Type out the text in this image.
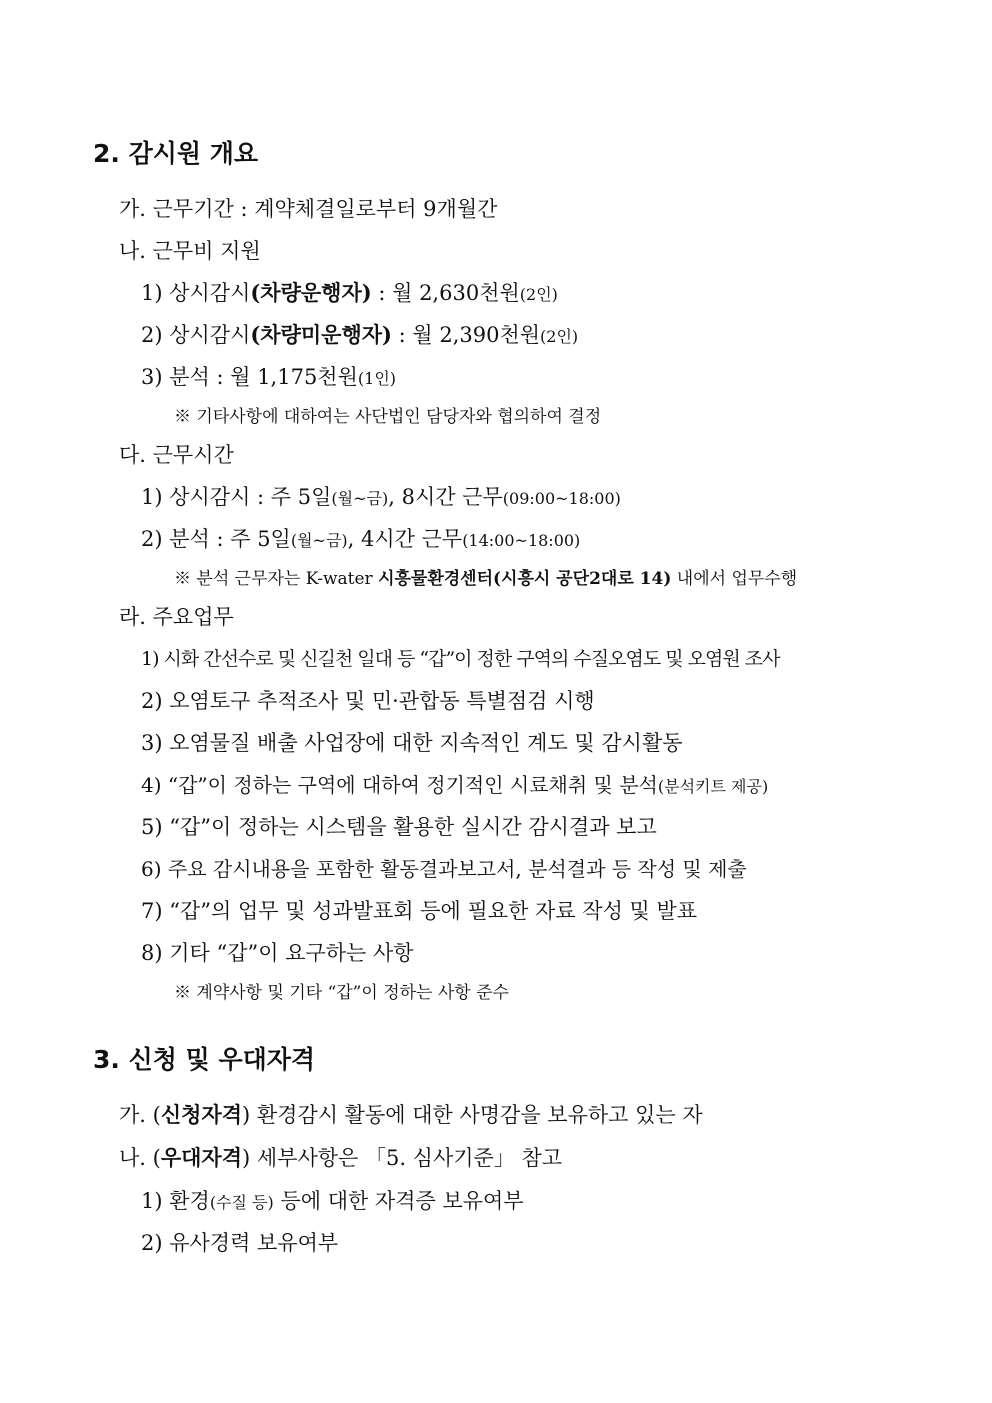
2. 감시원 개요
가. 근무기간 : 계약체결일로부터 9개월간
나. 근무비 지원
1) 상시감시(차량운행자) : 월 2,630천원(2인)
2) 상시감시(차량미운행자) : 월 2,390천원(2인)
3) 분석 : 월 1,175천원(1인)
※ 기타사항에 대하여는 사단법인 담당자와 협의하여 결정
다. 근무시간
1) 상시감시 : 주 5일(월~금), 8시간 근무(09:00~18:00)
2) 분석 : 주 5일(월~금), 4시간 근무(14:00~18:00)
※ 분석 근무자는 K-water 시흥물환경센터(시흥시 공단2대로 14) 내에서 업무수행
라. 주요업무
1) 시화 간선수로 및 신길천 일대 등 “갑”이 정한 구역의 수질오염도 및 오염원 조사
2) 오염토구 추적조사 및 민·관합동 특별점검 시행
3) 오염물질 배출 사업장에 대한 지속적인 계도 및 감시활동
4) “갑”이 정하는 구역에 대하여 정기적인 시료채취 및 분석(분석키트 제공)
5) “갑”이 정하는 시스템을 활용한 실시간 감시결과 보고
6) 주요 감시내용을 포함한 활동결과보고서, 분석결과 등 작성 및 제출
7) “갑”의 업무 및 성과발표회 등에 필요한 자료 작성 및 발표
8) 기타 “갑”이 요구하는 사항
※ 계약사항 및 기타 “갑”이 정하는 사항 준수
3. 신청 및 우대자격
가. (신청자격) 환경감시 활동에 대한 사명감을 보유하고 있는 자
나. (우대자격) 세부사항은 「5. 심사기준」 참고
1) 환경(수질 등) 등에 대한 자격증 보유여부
2) 유사경력 보유여부
